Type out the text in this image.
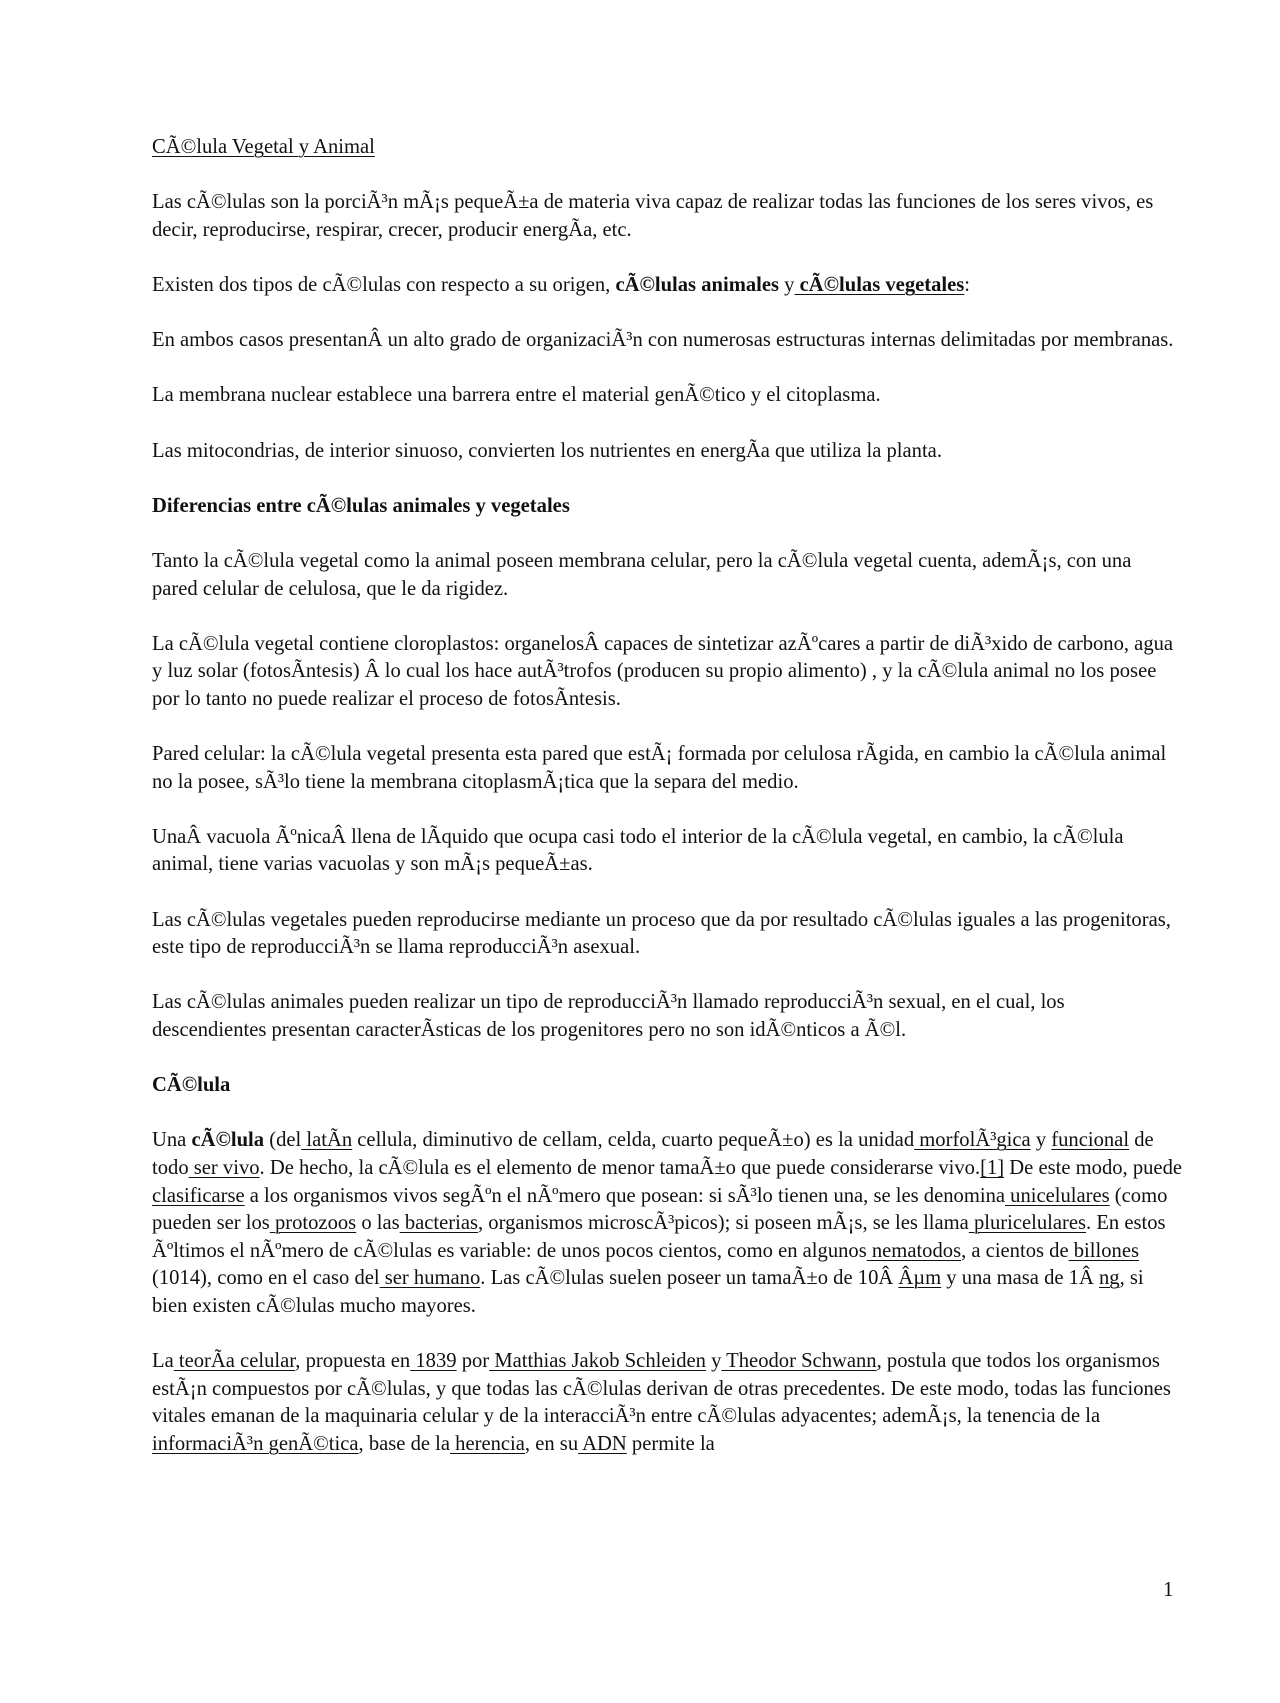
CÃ©lula Vegetal y Animal

Las cÃ©lulas son la porciÃ³n mÃ¡s pequeÃ±a de materia viva capaz de realizar todas las funciones de los seres vivos, es decir, reproducirse, respirar, crecer, producir energÃa, etc.

Existen dos tipos de cÃ©lulas con respecto a su origen, cÃ©lulas animales y cÃ©lulas vegetales:

En ambos casos presentanÂ un alto grado de organizaciÃ³n con numerosas estructuras internas delimitadas por membranas.

La membrana nuclear establece una barrera entre el material genÃ©tico y el citoplasma.

Las mitocondrias, de interior sinuoso, convierten los nutrientes en energÃa que utiliza la planta.

Diferencias entre cÃ©lulas animales y vegetales

Tanto la cÃ©lula vegetal como la animal poseen membrana celular, pero la cÃ©lula vegetal cuenta, ademÃ¡s, con una pared celular de celulosa, que le da rigidez.

La cÃ©lula vegetal contiene cloroplastos: organelosÂ capaces de sintetizar azÃºcares a partir de diÃ³xido de carbono, agua y luz solar (fotosÃntesis) Â lo cual los hace autÃ³trofos (producen su propio alimento) , y la cÃ©lula animal no los posee por lo tanto no puede realizar el proceso de fotosÃntesis.

Pared celular: la cÃ©lula vegetal presenta esta pared que estÃ¡ formada por celulosa rÃgida, en cambio la cÃ©lula animal no la posee, sÃ³lo tiene la membrana citoplasmÃ¡tica que la separa del medio.

UnaÂ vacuola ÃºnicaÂ llena de lÃquido que ocupa casi todo el interior de la cÃ©lula vegetal, en cambio, la cÃ©lula animal, tiene varias vacuolas y son mÃ¡s pequeÃ±as.

Las cÃ©lulas vegetales pueden reproducirse mediante un proceso que da por resultado cÃ©lulas iguales a las progenitoras, este tipo de reproducciÃ³n se llama reproducciÃ³n asexual.

Las cÃ©lulas animales pueden realizar un tipo de reproducciÃ³n llamado reproducciÃ³n sexual, en el cual, los descendientes presentan caracterÃsticas de los progenitores pero no son idÃ©nticos a Ã©l.

CÃ©lula

Una cÃ©lula (del latÃn cellula, diminutivo de cellam, celda, cuarto pequeÃ±o) es la unidad morfolÃ³gica y funcional de todo ser vivo. De hecho, la cÃ©lula es el elemento de menor tamaÃ±o que puede considerarse vivo.[1] De este modo, puede clasificarse a los organismos vivos segÃºn el nÃºmero que posean: si sÃ³lo tienen una, se les denomina unicelulares (como pueden ser los protozoos o las bacterias, organismos microscÃ³picos); si poseen mÃ¡s, se les llama pluricelulares. En estos Ãºltimos el nÃºmero de cÃ©lulas es variable: de unos pocos cientos, como en algunos nematodos, a cientos de billones (1014), como en el caso del ser humano. Las cÃ©lulas suelen poseer un tamaÃ±o de 10Â Âµm y una masa de 1Â ng, si bien existen cÃ©lulas mucho mayores.

La teorÃa celular, propuesta en 1839 por Matthias Jakob Schleiden y Theodor Schwann, postula que todos los organismos estÃ¡n compuestos por cÃ©lulas, y que todas las cÃ©lulas derivan de otras precedentes. De este modo, todas las funciones vitales emanan de la maquinaria celular y de la interacciÃ³n entre cÃ©lulas adyacentes; ademÃ¡s, la tenencia de la informaciÃ³n genÃ©tica, base de la herencia, en su ADN permite la

1
